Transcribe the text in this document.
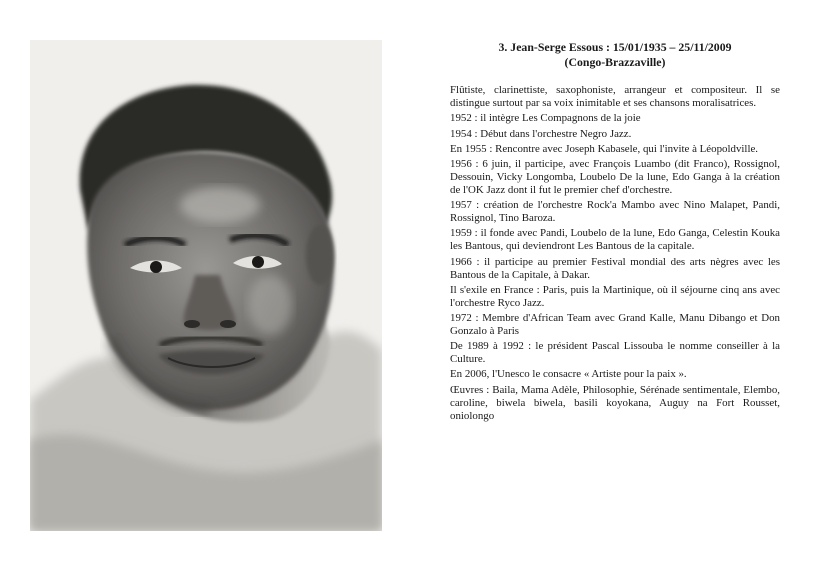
3. Jean-Serge Essous : 15/01/1935 – 25/11/2009
(Congo-Brazzaville)

Flûtiste, clarinettiste, saxophoniste, arrangeur et compositeur. Il se distingue surtout par sa voix inimitable et ses chansons moralisatrices.

1952 : il intègre Les Compagnons de la joie

1954 : Début dans l'orchestre Negro Jazz.

En 1955 : Rencontre avec Joseph Kabasele, qui l'invite à Léopoldville.

1956 : 6 juin, il participe, avec François Luambo (dit Franco), Rossignol, Dessouin, Vicky Longomba, Loubelo De la lune, Edo Ganga à la création de l'OK Jazz dont il fut le premier chef d'orchestre.

1957 : création de l'orchestre Rock'a Mambo avec Nino Malapet, Pandi, Rossignol, Tino Baroza.

1959 : il fonde avec Pandi, Loubelo de la lune, Edo Ganga, Celestin Kouka les Bantous, qui deviendront Les Bantous de la capitale.

1966 : il participe au premier Festival mondial des arts nègres avec les Bantous de la Capitale, à Dakar.

Il s'exile en France : Paris, puis la Martinique, où il séjourne cinq ans avec l'orchestre Ryco Jazz.

1972 : Membre d'African Team avec Grand Kalle, Manu Dibango et Don Gonzalo à Paris

De 1989 à 1992 : le président Pascal Lissouba le nomme conseiller à la Culture.

En 2006, l'Unesco le consacre « Artiste pour la paix ».

Œuvres : Baila, Mama Adèle, Philosophie, Sérénade sentimentale, Elembo, caroline, biwela biwela, basili koyokana, Auguy na Fort Rousset, oniolongo
